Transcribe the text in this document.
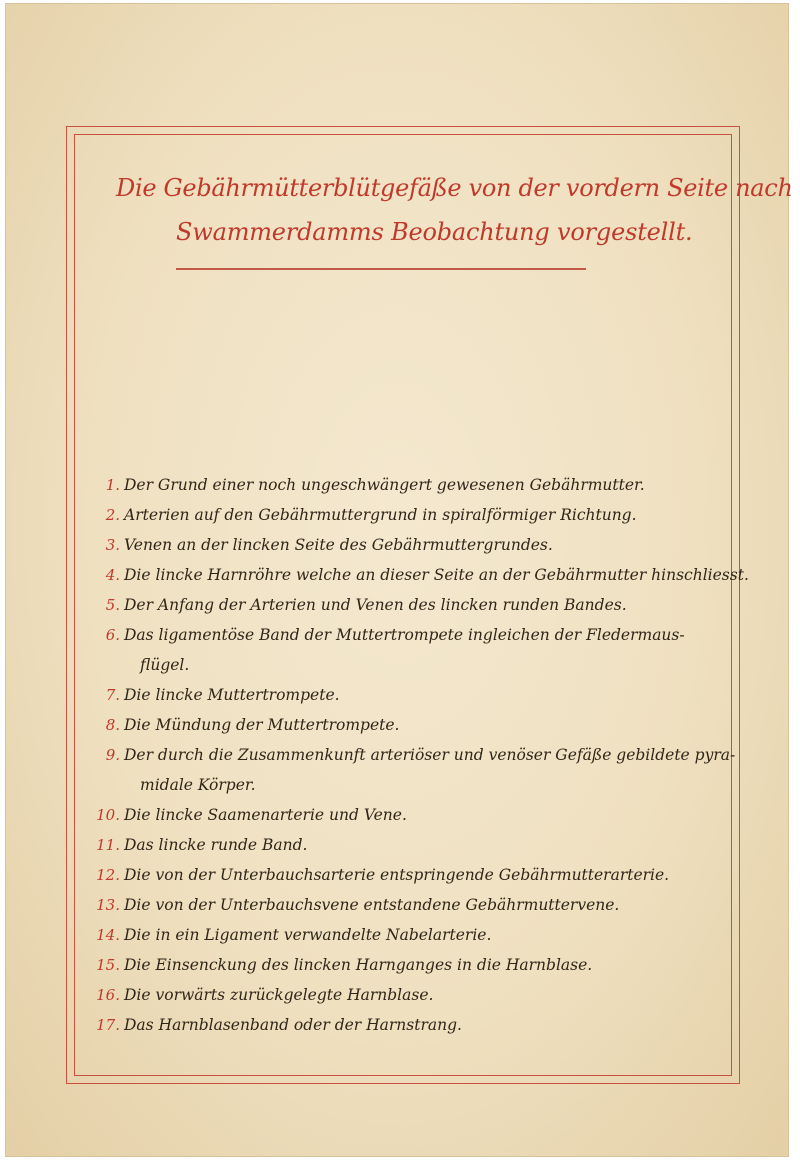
Die Gebährmütterblütgefäße von der vordern Seite nach
Swammerdamms Beobachtung vorgestellt.
1. Der Grund einer noch ungeschwängert gewesenen Gebährmutter.
2. Arterien auf den Gebährmuttergrund in spiralförmiger Richtung.
3. Venen an der lincken Seite des Gebährmuttergrundes.
4. Die lincke Harnröhre welche an dieser Seite an der Gebährmutter hinschliesst.
5. Der Anfang der Arterien und Venen des lincken runden Bandes.
6. Das ligamentöse Band der Muttertrompete ingleichen der Fledermaus-
flügel.
7. Die lincke Muttertrompete.
8. Die Mündung der Muttertrompete.
9. Der durch die Zusammenkunft arteriöser und venöser Gefäße gebildete pyra-
midale Körper.
10. Die lincke Saamenarterie und Vene.
11. Das lincke runde Band.
12. Die von der Unterbauchsarterie entspringende Gebährmutterarterie.
13. Die von der Unterbauchsvene entstandene Gebährmuttervene.
14. Die in ein Ligament verwandelte Nabelarterie.
15. Die Einsenckung des lincken Harnganges in die Harnblase.
16. Die vorwärts zurückgelegte Harnblase.
17. Das Harnblasenband oder der Harnstrang.
